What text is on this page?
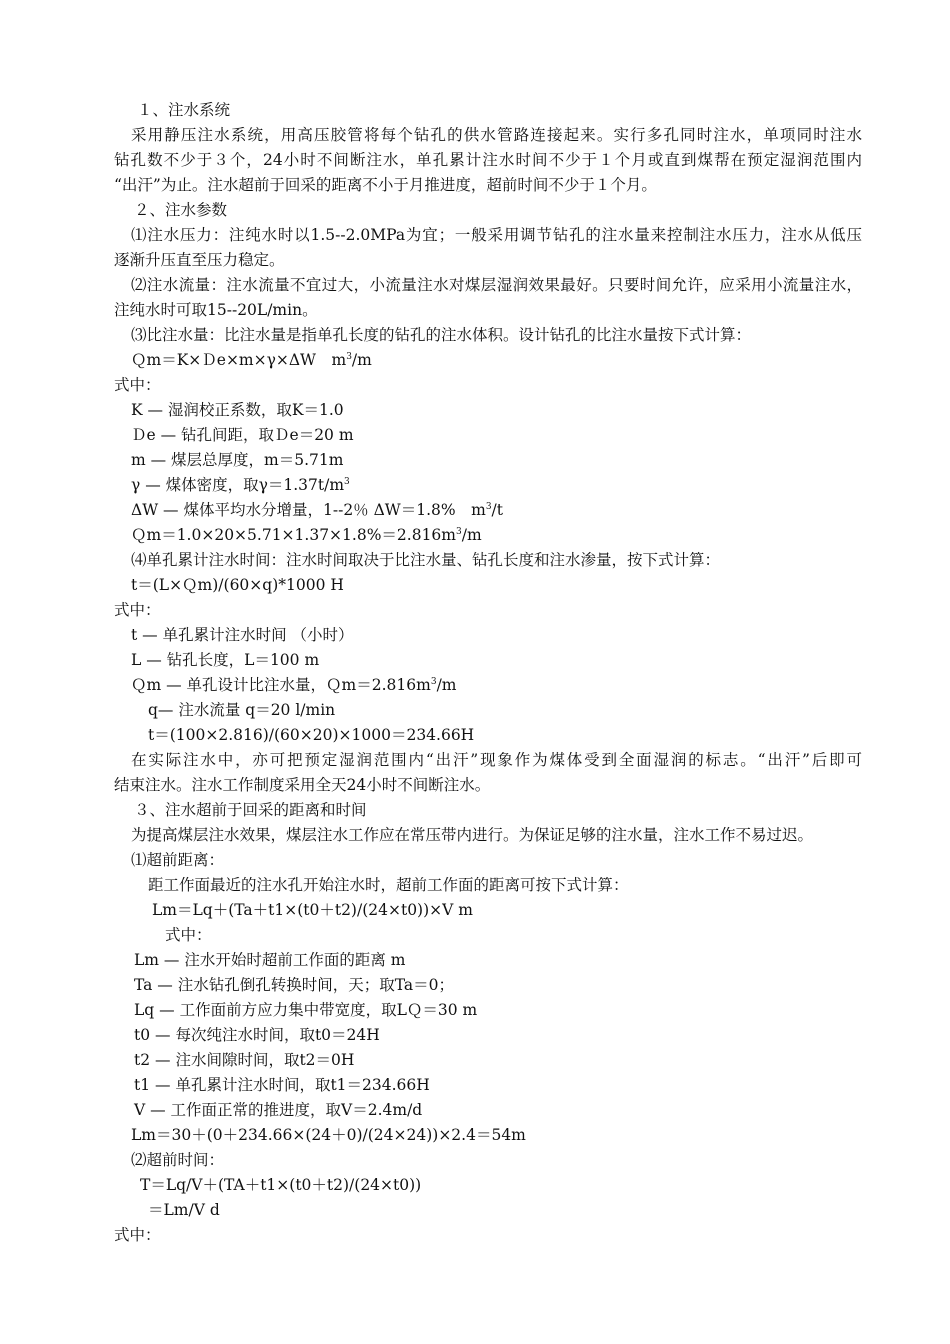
１、注水系统
采用静压注水系统，用高压胶管将每个钻孔的供水管路连接起来。实行多孔同时注水，单项同时注水
钻孔数不少于３个，24小时不间断注水，单孔累计注水时间不少于１个月或直到煤帮在预定湿润范围内
“出汗”为止。注水超前于回采的距离不小于月推进度，超前时间不少于１个月。
２、注水参数
⑴注水压力：注纯水时以1.5--2.0MPa为宜；一般采用调节钻孔的注水量来控制注水压力，注水从低压
逐渐升压直至压力稳定。
⑵注水流量：注水流量不宜过大，小流量注水对煤层湿润效果最好。只要时间允许，应采用小流量注水，
注纯水时可取15--20L/min。
⑶比注水量：比注水量是指单孔长度的钻孔的注水体积。设计钻孔的比注水量按下式计算：
Ｑm＝K×Ｄe×m×γ×ΔW　$m^3/m$
式中：
K — 湿润校正系数，取K＝1.0
Ｄe — 钻孔间距，取Ｄe＝20 m
m — 煤层总厚度，m＝5.71m
γ — 煤体密度，取$\gamma=1.37t/m^3$
ΔW — 煤体平均水分增量，1--2％ ΔW＝1.8%　$m^3/t$
$Qm=1.0\times 20\times 5.71\times 1.37\times 1.8\%=2.816m^3/m$
⑷单孔累计注水时间：注水时间取决于比注水量、钻孔长度和注水渗量，按下式计算：
t＝(L×Ｑm)/(60×q)*1000 H
式中：
t — 单孔累计注水时间 （小时）
L — 钻孔长度，L＝100 m
Ｑm — 单孔设计比注水量，$Qm=2.816m^3/m$
q— 注水流量 q＝20 l/min
t＝(100×2.816)/(60×20)×1000＝234.66H
在实际注水中，亦可把预定湿润范围内“出汗”现象作为煤体受到全面湿润的标志。“出汗”后即可
结束注水。注水工作制度采用全天24小时不间断注水。
３、注水超前于回采的距离和时间
为提高煤层注水效果，煤层注水工作应在常压带内进行。为保证足够的注水量，注水工作不易过迟。
⑴超前距离：
距工作面最近的注水孔开始注水时，超前工作面的距离可按下式计算：
Lm＝Lq＋(Ta＋t1×(t0＋t2)/(24×t0))×V m
式中：
Lm — 注水开始时超前工作面的距离 m
Ta — 注水钻孔倒孔转换时间，天；取Ta＝0；
Lq — 工作面前方应力集中带宽度，取LＱ＝30 m
t0 — 每次纯注水时间，取t0＝24H
t2 — 注水间隙时间，取t2＝0H
t1 — 单孔累计注水时间，取t1＝234.66H
V — 工作面正常的推进度，取V＝2.4m/d
Lm＝30＋(0＋234.66×(24＋0)/(24×24))×2.4＝54m
⑵超前时间：
T＝Lq/V＋(TA＋t1×(t0＋t2)/(24×t0))
＝Lm/V d
式中：
